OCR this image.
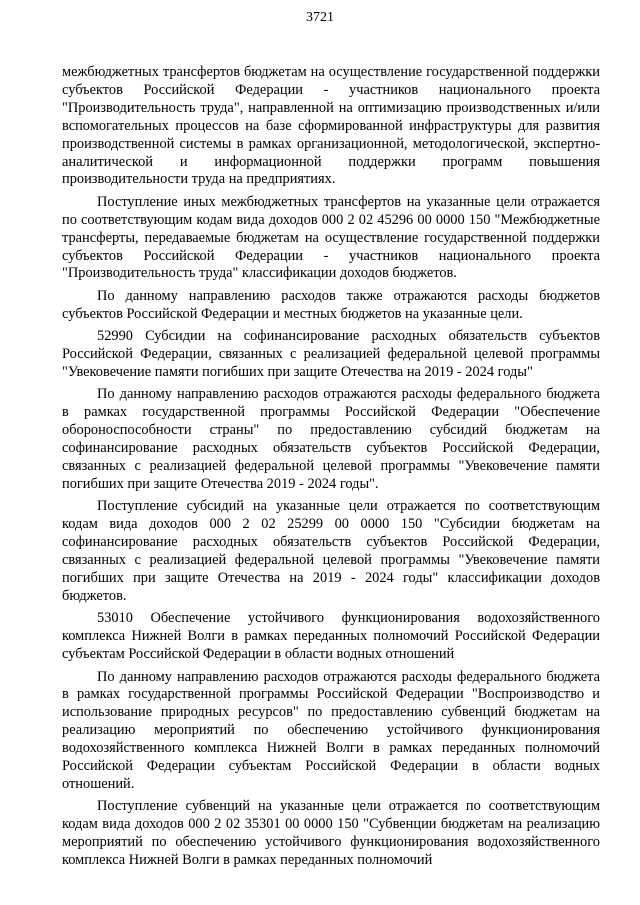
3721

межбюджетных трансфертов бюджетам на осуществление государственной поддержки субъектов Российской Федерации - участников национального проекта "Производительность труда", направленной на оптимизацию производственных и/или вспомогательных процессов на базе сформированной инфраструктуры для развития производственной системы в рамках организационной, методологической, экспертно-аналитической и информационной поддержки программ повышения производительности труда на предприятиях.

Поступление иных межбюджетных трансфертов на указанные цели отражается по соответствующим кодам вида доходов 000 2 02 45296 00 0000 150 "Межбюджетные трансферты, передаваемые бюджетам на осуществление государственной поддержки субъектов Российской Федерации - участников национального проекта "Производительность труда" классификации доходов бюджетов.

По данному направлению расходов также отражаются расходы бюджетов субъектов Российской Федерации и местных бюджетов на указанные цели.

52990 Субсидии на софинансирование расходных обязательств субъектов Российской Федерации, связанных с реализацией федеральной целевой программы "Увековечение памяти погибших при защите Отечества на 2019 - 2024 годы"

По данному направлению расходов отражаются расходы федерального бюджета в рамках государственной программы Российской Федерации "Обеспечение обороноспособности страны" по предоставлению субсидий бюджетам на софинансирование расходных обязательств субъектов Российской Федерации, связанных с реализацией федеральной целевой программы "Увековечение памяти погибших при защите Отечества 2019 - 2024 годы".

Поступление субсидий на указанные цели отражается по соответствующим кодам вида доходов 000 2 02 25299 00 0000 150 "Субсидии бюджетам на софинансирование расходных обязательств субъектов Российской Федерации, связанных с реализацией федеральной целевой программы "Увековечение памяти погибших при защите Отечества на 2019 - 2024 годы" классификации доходов бюджетов.

53010 Обеспечение устойчивого функционирования водохозяйственного комплекса Нижней Волги в рамках переданных полномочий Российской Федерации субъектам Российской Федерации в области водных отношений

По данному направлению расходов отражаются расходы федерального бюджета в рамках государственной программы Российской Федерации "Воспроизводство и использование природных ресурсов" по предоставлению субвенций бюджетам на реализацию мероприятий по обеспечению устойчивого функционирования водохозяйственного комплекса Нижней Волги в рамках переданных полномочий Российской Федерации субъектам Российской Федерации в области водных отношений.

Поступление субвенций на указанные цели отражается по соответствующим кодам вида доходов 000 2 02 35301 00 0000 150 "Субвенции бюджетам на реализацию мероприятий по обеспечению устойчивого функционирования водохозяйственного комплекса Нижней Волги в рамках переданных полномочий
